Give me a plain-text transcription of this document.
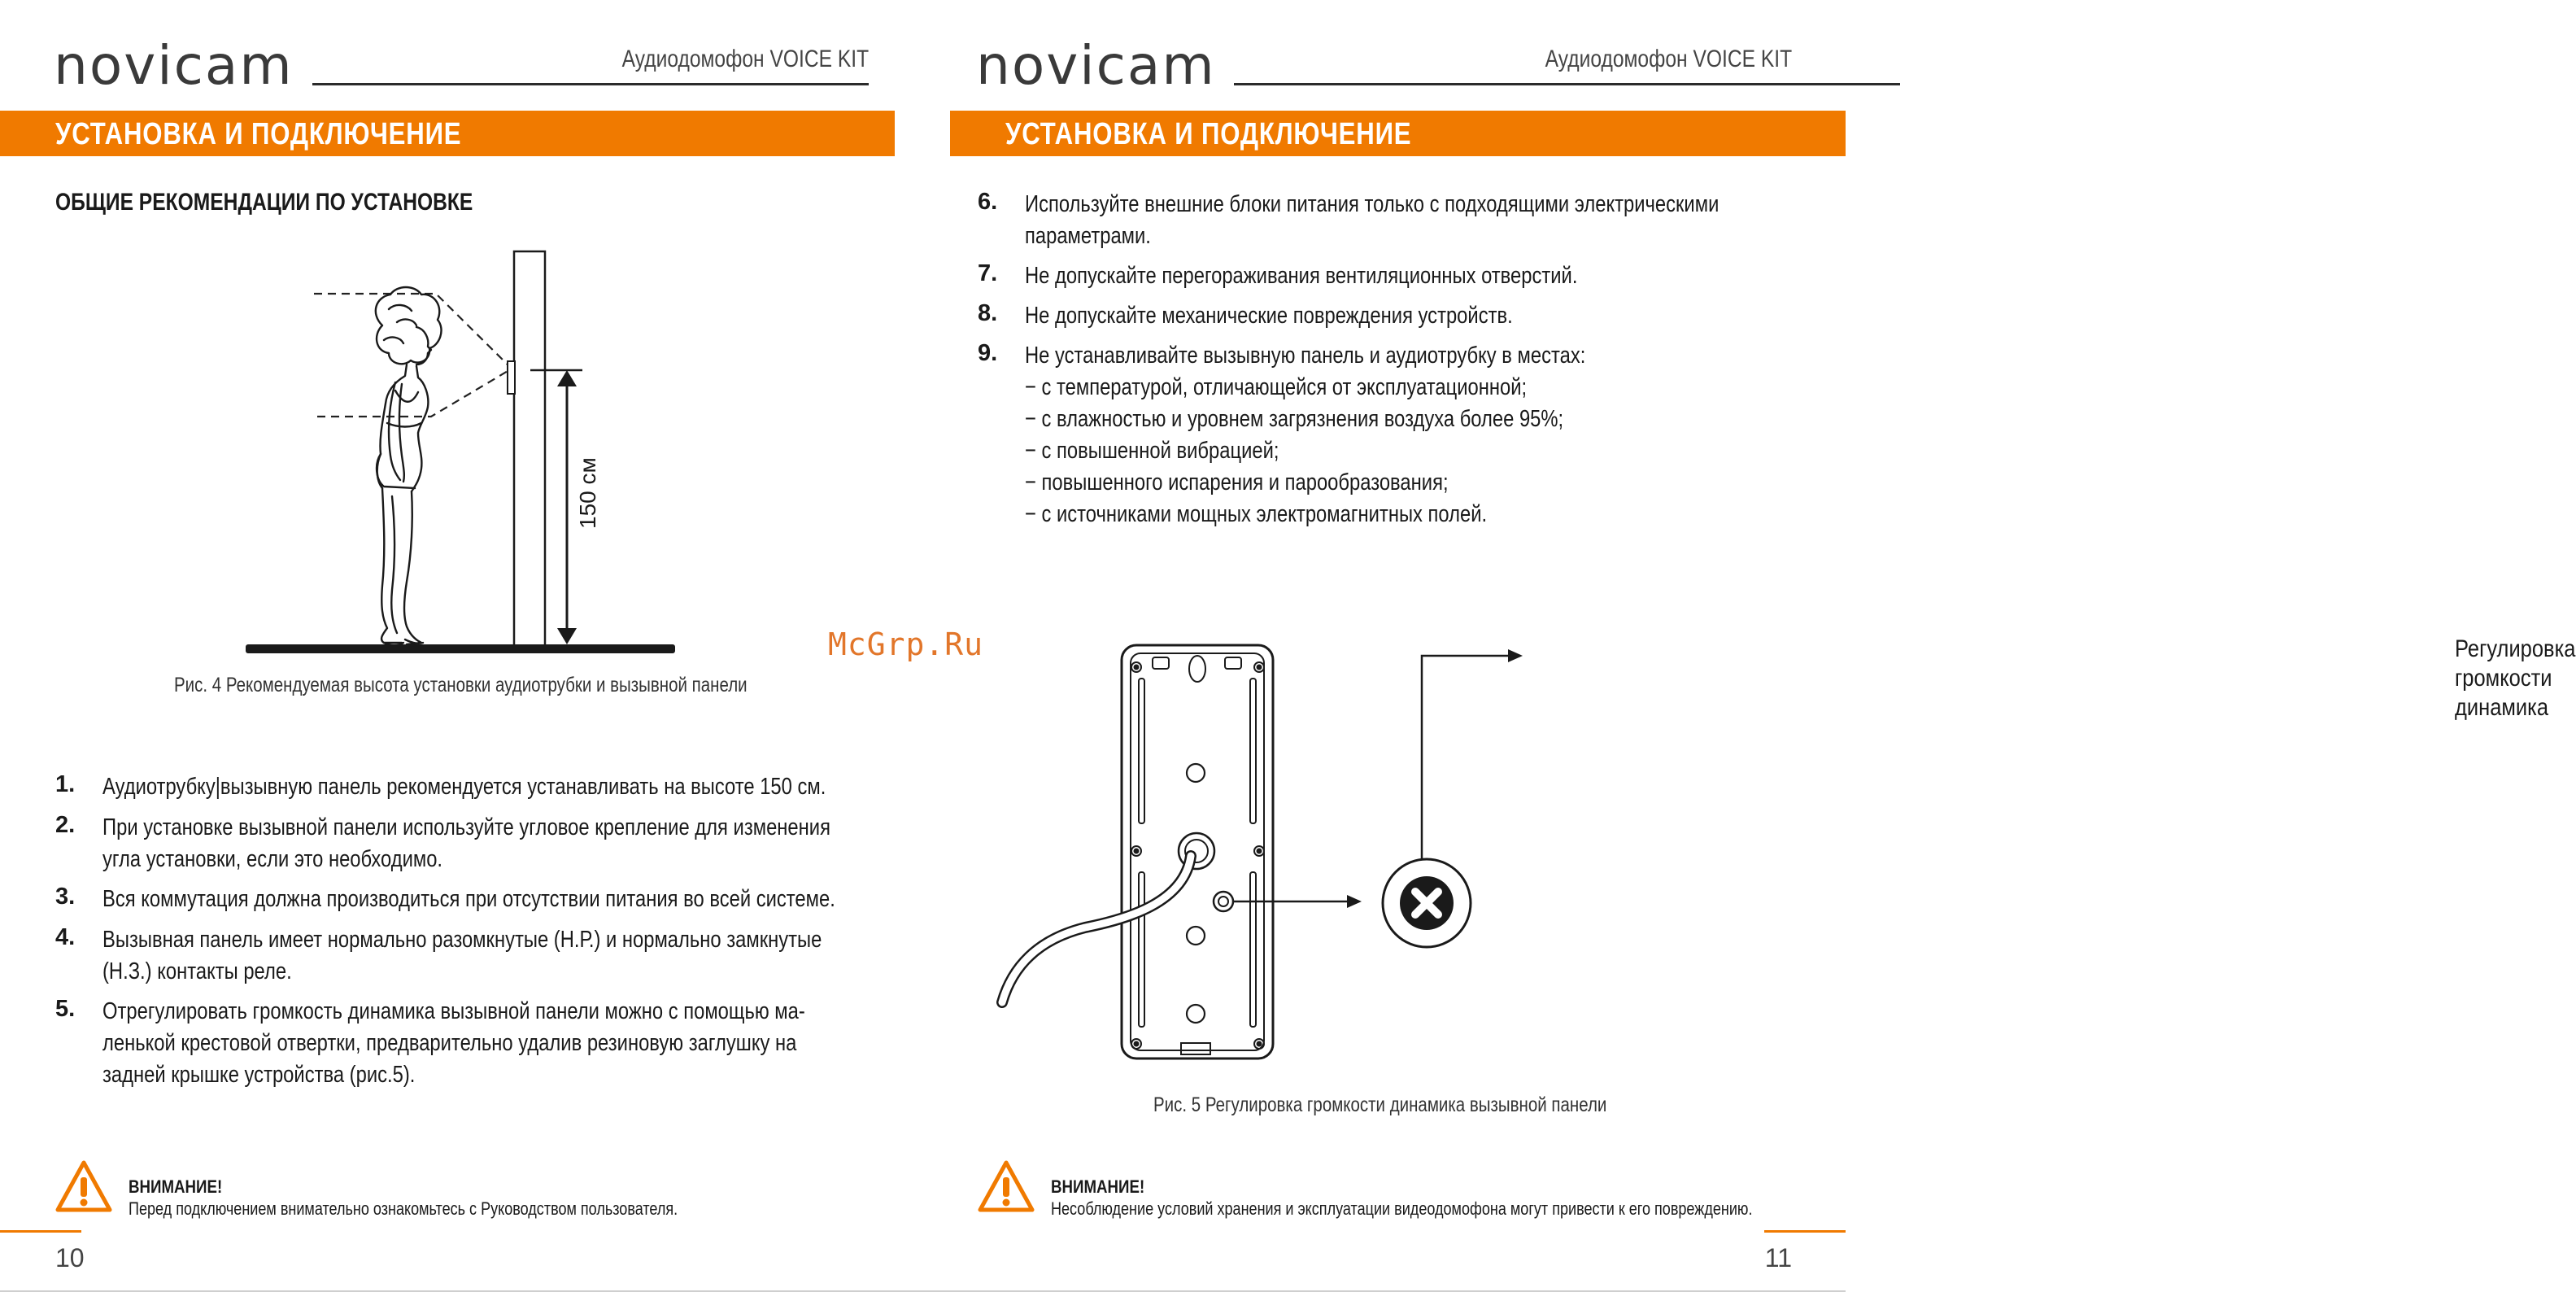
novicam	Аудиодомофон VOICE KIT
УСТАНОВКА И ПОДКЛЮЧЕНИЕ
ОБЩИЕ РЕКОМЕНДАЦИИ ПО УСТАНОВКЕ
150 см
Рис. 4 Рекомендуемая высота установки аудиотрубки и вызывной панели
1. Аудиотрубку|вызывную панель рекомендуется устанавливать на высоте 150 см.
2. При установке вызывной панели используйте угловое крепление для изменения
угла установки, если это необходимо.
3. Вся коммутация должна производиться при отсутствии питания во всей системе.
4. Вызывная панель имеет нормально разомкнутые (Н.Р.) и нормально замкнутые
(Н.З.) контакты реле.
5. Отрегулировать громкость динамика вызывной панели можно с помощью ма-
ленькой крестовой отвертки, предварительно удалив резиновую заглушку на
задней крышке устройства (рис.5).
ВНИМАНИЕ!
Перед подключением внимательно ознакомьтесь с Руководством пользователя.
10
novicam	Аудиодомофон VOICE KIT
УСТАНОВКА И ПОДКЛЮЧЕНИЕ
6. Используйте внешние блоки питания только с подходящими электрическими
параметрами.
7. Не допускайте перегораживания вентиляционных отверстий.
8. Не допускайте механические повреждения устройств.
9. Не устанавливайте вызывную панель и аудиотрубку в местах:
− с температурой, отличающейся от эксплуатационной;
− с влажностью и уровнем загрязнения воздуха более 95%;
− с повышенной вибрацией;
− повышенного испарения и парообразования;
− с источниками мощных электромагнитных полей.
Регулировка
громкости
динамика
Рис. 5 Регулировка громкости динамика вызывной панели
ВНИМАНИЕ!
Несоблюдение условий хранения и эксплуатации видеодомофона могут привести к его повреждению.
11
McGrp.Ru
